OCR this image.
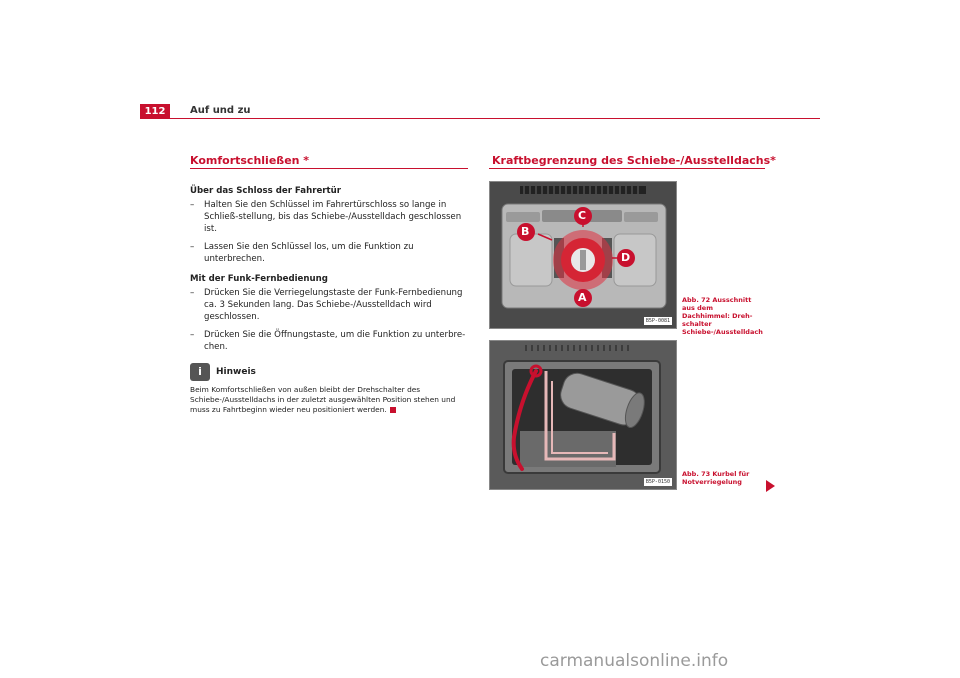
112	Auf und zu
Komfortschließen *
Über das Schloss der Fahrertür
– Halten Sie den Schlüssel im Fahrertürschloss so lange in Schließ-stellung, bis das Schiebe-/Ausstelldach geschlossen ist.
– Lassen Sie den Schlüssel los, um die Funktion zu unterbrechen.
Mit der Funk-Fernbedienung
– Drücken Sie die Verriegelungstaste der Funk-Fernbedienung ca. 3 Sekunden lang. Das Schiebe-/Ausstelldach wird geschlossen.
– Drücken Sie die Öffnungstaste, um die Funktion zu unterbre-chen.
i	Hinweis
Beim Komfortschließen von außen bleibt der Drehschalter des Schiebe-/Ausstelldachs in der zuletzt ausgewählten Position stehen und muss zu Fahrtbeginn wieder neu positioniert werden.
Kraftbegrenzung des Schiebe-/Ausstelldachs*
C
B
D
A
B5P-0081
Abb. 72 Ausschnitt aus dem Dachhimmel: Dreh-schalter Schiebe-/Ausstelldach
B5P-0150
Abb. 73 Kurbel für Notverriegelung
carmanualsonline.info
